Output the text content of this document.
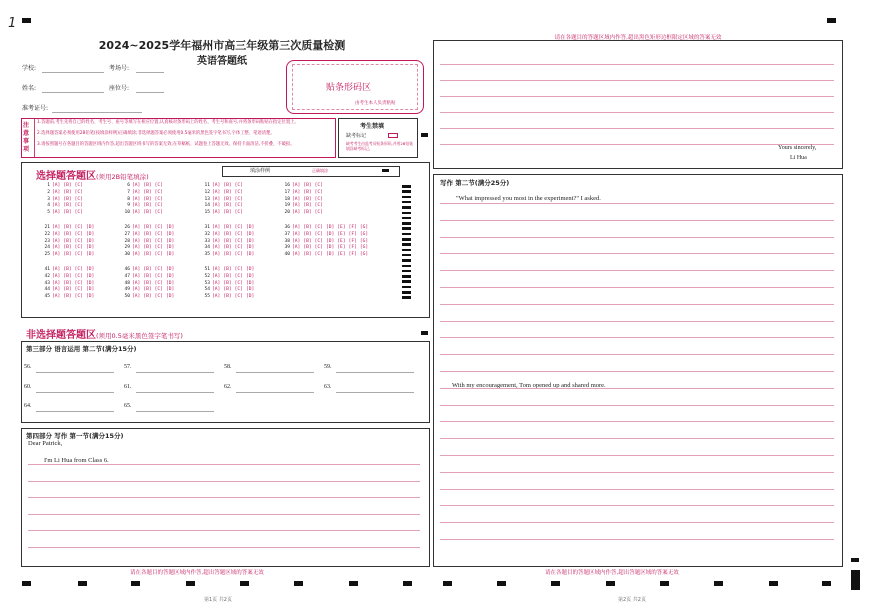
1
2024~2025学年福州市高三年级第三次质量检测
英语答题纸
学校:	考场号:
姓名:	座位号:
准考证号:
贴条形码区
由考生本人负责粘贴
注意事项
1.答题前,考生先将自己的姓名、考生号、座号等填写在相应位置,认真核对条形码上的姓名、考生号和座号,并将条形码粘贴在指定位置上。
2.选择题答案必须使用2B铅笔(按填涂样例)正确填涂;非选择题答案必须使用0.5毫米的黑色签字笔书写,字体工整、笔迹清楚。
3.请按照题号在各题目的答题区域内作答,超出答题区域书写的答案无效;在草稿纸、试题卷上答题无效。保持卡面清洁,不折叠、不破损。
考生禁填
缺考标记
缺考考生由监考员贴条形码,并用2B铅笔填涂缺考标记。
选择题答题区(须用2B铅笔填涂)
填涂样例	正确填涂
1 [A] [B] [C]
2 [A] [B] [C]
3 [A] [B] [C]
4 [A] [B] [C]
5 [A] [B] [C]
6 [A] [B] [C]
7 [A] [B] [C]
8 [A] [B] [C]
9 [A] [B] [C]
10 [A] [B] [C]
11 [A] [B] [C]
12 [A] [B] [C]
13 [A] [B] [C]
14 [A] [B] [C]
15 [A] [B] [C]
16 [A] [B] [C]
17 [A] [B] [C]
18 [A] [B] [C]
19 [A] [B] [C]
20 [A] [B] [C]
21 [A] [B] [C] [D]
22 [A] [B] [C] [D]
23 [A] [B] [C] [D]
24 [A] [B] [C] [D]
25 [A] [B] [C] [D]
26 [A] [B] [C] [D]
27 [A] [B] [C] [D]
28 [A] [B] [C] [D]
29 [A] [B] [C] [D]
30 [A] [B] [C] [D]
31 [A] [B] [C] [D]
32 [A] [B] [C] [D]
33 [A] [B] [C] [D]
34 [A] [B] [C] [D]
35 [A] [B] [C] [D]
36 [A] [B] [C] [D] [E] [F] [G]
37 [A] [B] [C] [D] [E] [F] [G]
38 [A] [B] [C] [D] [E] [F] [G]
39 [A] [B] [C] [D] [E] [F] [G]
40 [A] [B] [C] [D] [E] [F] [G]
41 [A] [B] [C] [D]
42 [A] [B] [C] [D]
43 [A] [B] [C] [D]
44 [A] [B] [C] [D]
45 [A] [B] [C] [D]
46 [A] [B] [C] [D]
47 [A] [B] [C] [D]
48 [A] [B] [C] [D]
49 [A] [B] [C] [D]
50 [A] [B] [C] [D]
51 [A] [B] [C] [D]
52 [A] [B] [C] [D]
53 [A] [B] [C] [D]
54 [A] [B] [C] [D]
55 [A] [B] [C] [D]
非选择题答题区(须用0.5毫米黑色签字笔书写)
第三部分 语言运用 第二节(满分15分)
56.	57.	58.	59.
60.	61.	62.	63.
64.	65.
第四部分 写作 第一节(满分15分)
Dear Patrick,
I'm Li Hua from Class 6.
请在各题目的答题区域内作答,超出黑色矩形边框限定区域的答案无效
Yours sincerely,
Li Hua
写作 第二节(满分25分)
"What impressed you most in the experiment?" I asked.
With my encouragement, Tom opened up and shared more.
请在各题目的答题区域内作答,超出答题区域的答案无效	请在各题目的答题区域内作答,超出答题区域的答案无效
第1页 共2页	第2页 共2页
